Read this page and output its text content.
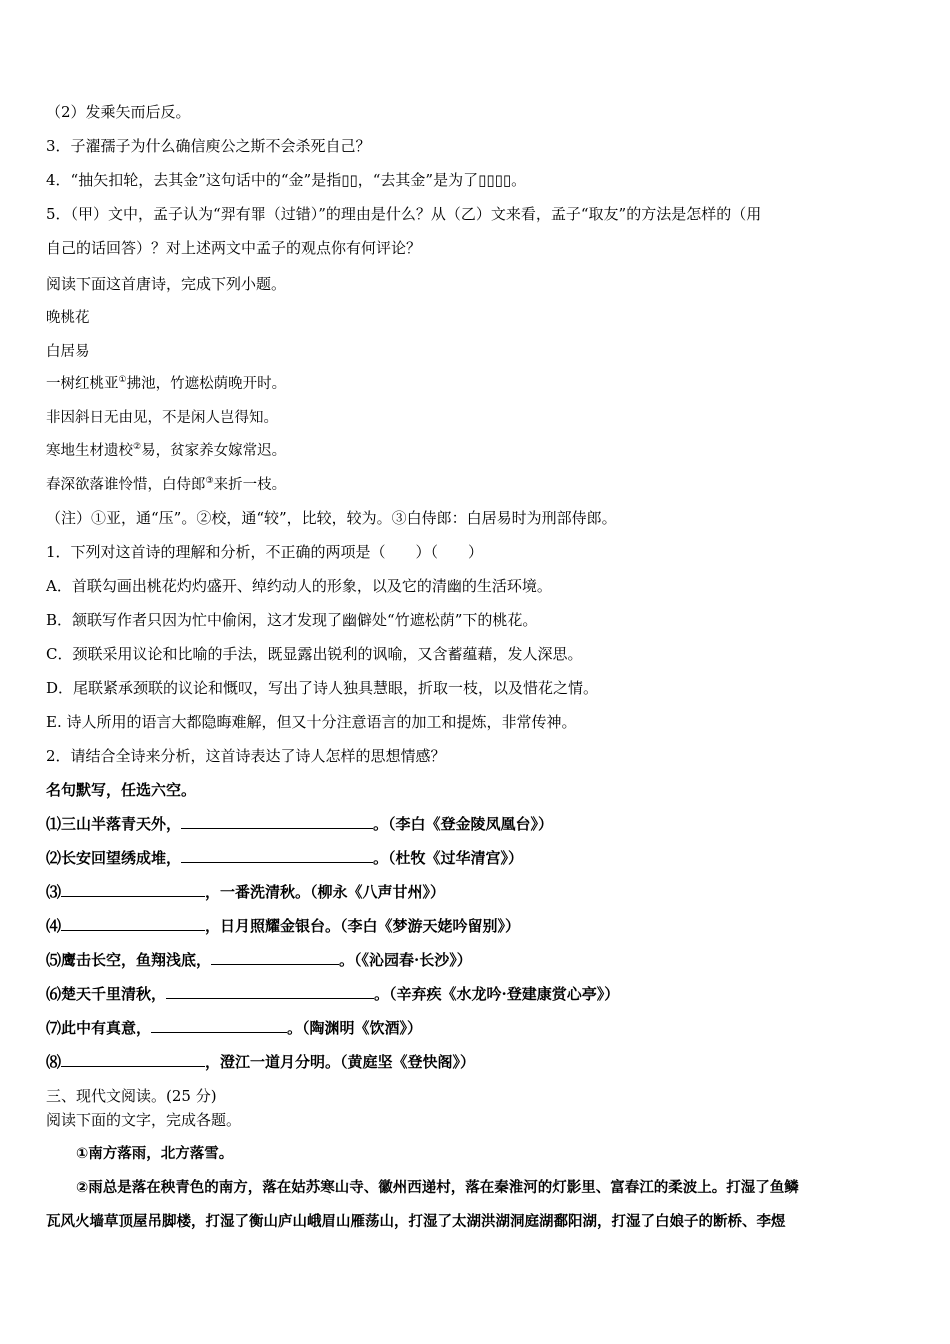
（2）发乘矢而后反。
3．子濯孺子为什么确信庾公之斯不会杀死自己？
4．“抽矢扣轮，去其金”这句话中的“金”是指▯▯，“去其金”是为了▯▯▯▯。
5．（甲）文中，孟子认为“羿有罪（过错）”的理由是什么？从（乙）文来看，孟子“取友”的方法是怎样的（用
自己的话回答）？对上述两文中孟子的观点你有何评论？
阅读下面这首唐诗，完成下列小题。
晚桃花
白居易
一树红桃亚①拂池，竹遮松荫晚开时。
非因斜日无由见，不是闲人岂得知。
寒地生材遗校②易，贫家养女嫁常迟。
春深欲落谁怜惜，白侍郎③来折一枝。
（注）①亚，通“压”。②校，通“较”，比较，较为。③白侍郎：白居易时为刑部侍郎。
1．下列对这首诗的理解和分析，不正确的两项是（　　）（　　）
A．首联勾画出桃花灼灼盛开、绰约动人的形象，以及它的清幽的生活环境。
B．颔联写作者只因为忙中偷闲，这才发现了幽僻处“竹遮松荫”下的桃花。
C．颈联采用议论和比喻的手法，既显露出锐利的讽喻，又含蓄蕴藉，发人深思。
D．尾联紧承颈联的议论和慨叹，写出了诗人独具慧眼，折取一枝，以及惜花之情。
E. 诗人所用的语言大都隐晦难解，但又十分注意语言的加工和提炼，非常传神。
2．请结合全诗来分析，这首诗表达了诗人怎样的思想情感？
名句默写，任选六空。
⑴三山半落青天外，	。（李白《登金陵凤凰台》）
⑵长安回望绣成堆，	。（杜牧《过华清宫》）
⑶	，一番洗清秋。（柳永《八声甘州》）
⑷	，日月照耀金银台。（李白《梦游天姥吟留别》）
⑸鹰击长空，鱼翔浅底，	。（《沁园春·长沙》）
⑹楚天千里清秋，	。（辛弃疾《水龙吟·登建康赏心亭》）
⑺此中有真意，	。（陶渊明《饮酒》）
⑻	，澄江一道月分明。（黄庭坚《登快阁》）
三、现代文阅读。(25 分)
阅读下面的文字，完成各题。
①南方落雨，北方落雪。
②雨总是落在秧青色的南方，落在姑苏寒山寺、徽州西递村，落在秦淮河的灯影里、富春江的柔波上。打湿了鱼鳞
瓦风火墙草顶屋吊脚楼，打湿了衡山庐山峨眉山雁荡山，打湿了太湖洪湖洞庭湖鄱阳湖，打湿了白娘子的断桥、李煜
